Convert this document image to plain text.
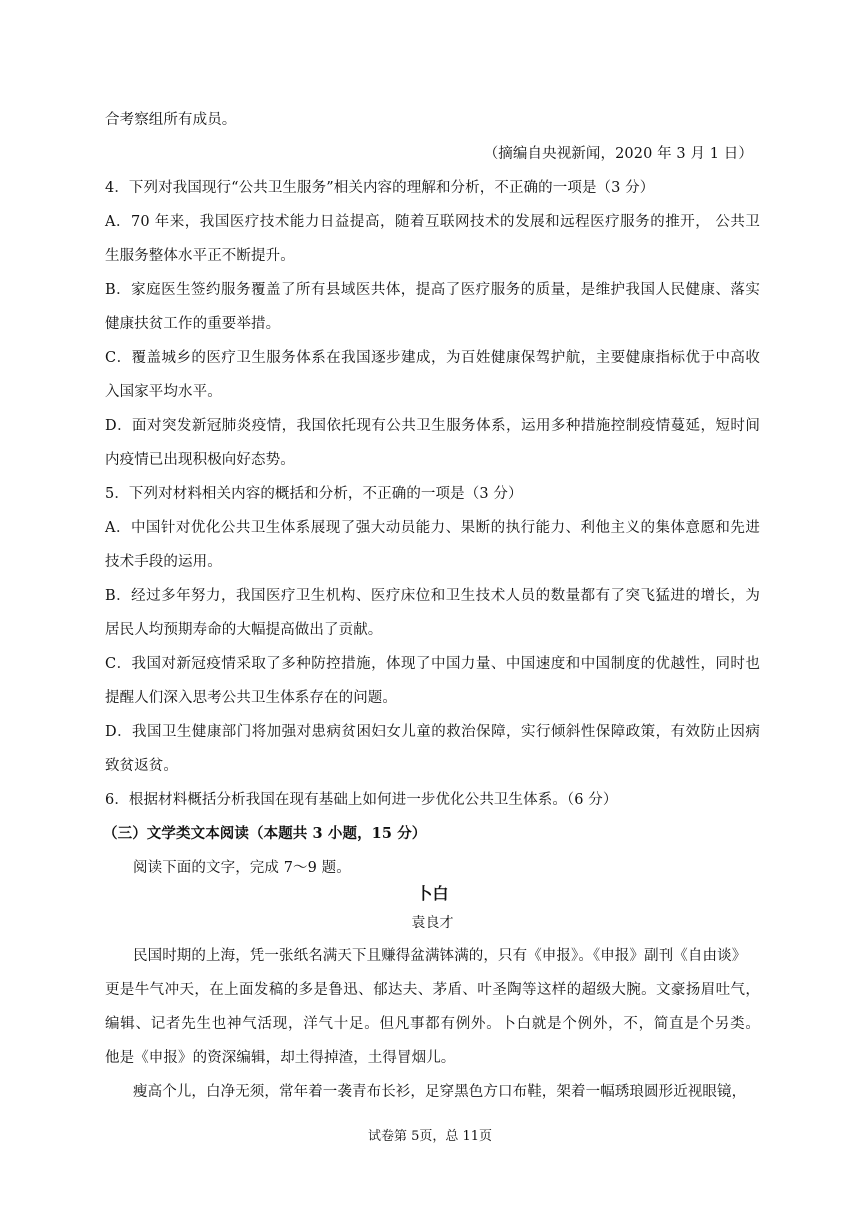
合考察组所有成员。
（摘编自央视新闻，2020 年 3 月 1 日）
4．下列对我国现行“公共卫生服务”相关内容的理解和分析，不正确的一项是（3 分）
A．70 年来，我国医疗技术能力日益提高，随着互联网技术的发展和远程医疗服务的推开， 公共卫
生服务整体水平正不断提升。
B．家庭医生签约服务覆盖了所有县域医共体，提高了医疗服务的质量，是维护我国人民健康、落实
健康扶贫工作的重要举措。
C．覆盖城乡的医疗卫生服务体系在我国逐步建成，为百姓健康保驾护航，主要健康指标优于中高收
入国家平均水平。
D．面对突发新冠肺炎疫情，我国依托现有公共卫生服务体系，运用多种措施控制疫情蔓延，短时间
内疫情已出现积极向好态势。
5．下列对材料相关内容的概括和分析，不正确的一项是（3 分）
A．中国针对优化公共卫生体系展现了强大动员能力、果断的执行能力、利他主义的集体意愿和先进
技术手段的运用。
B．经过多年努力，我国医疗卫生机构、医疗床位和卫生技术人员的数量都有了突飞猛进的增长，为
居民人均预期寿命的大幅提高做出了贡献。
C．我国对新冠疫情采取了多种防控措施，体现了中国力量、中国速度和中国制度的优越性，同时也
提醒人们深入思考公共卫生体系存在的问题。
D．我国卫生健康部门将加强对患病贫困妇女儿童的救治保障，实行倾斜性保障政策，有效防止因病
致贫返贫。
6．根据材料概括分析我国在现有基础上如何进一步优化公共卫生体系。（6 分）
（三）文学类文本阅读（本题共 3 小题，15 分）
阅读下面的文字，完成 7～9 题。
卜白
袁良才
民国时期的上海，凭一张纸名满天下且赚得盆满钵满的，只有《申报》。《申报》副刊《自由谈》
更是牛气冲天，在上面发稿的多是鲁迅、郁达夫、茅盾、叶圣陶等这样的超级大腕。文豪扬眉吐气，
编辑、记者先生也神气活现，洋气十足。但凡事都有例外。卜白就是个例外，不，简直是个另类。
他是《申报》的资深编辑，却土得掉渣，土得冒烟儿。
瘦高个儿，白净无须，常年着一袭青布长衫，足穿黑色方口布鞋，架着一幅琇琅圆形近视眼镜，
试卷第 5页，总 11页
